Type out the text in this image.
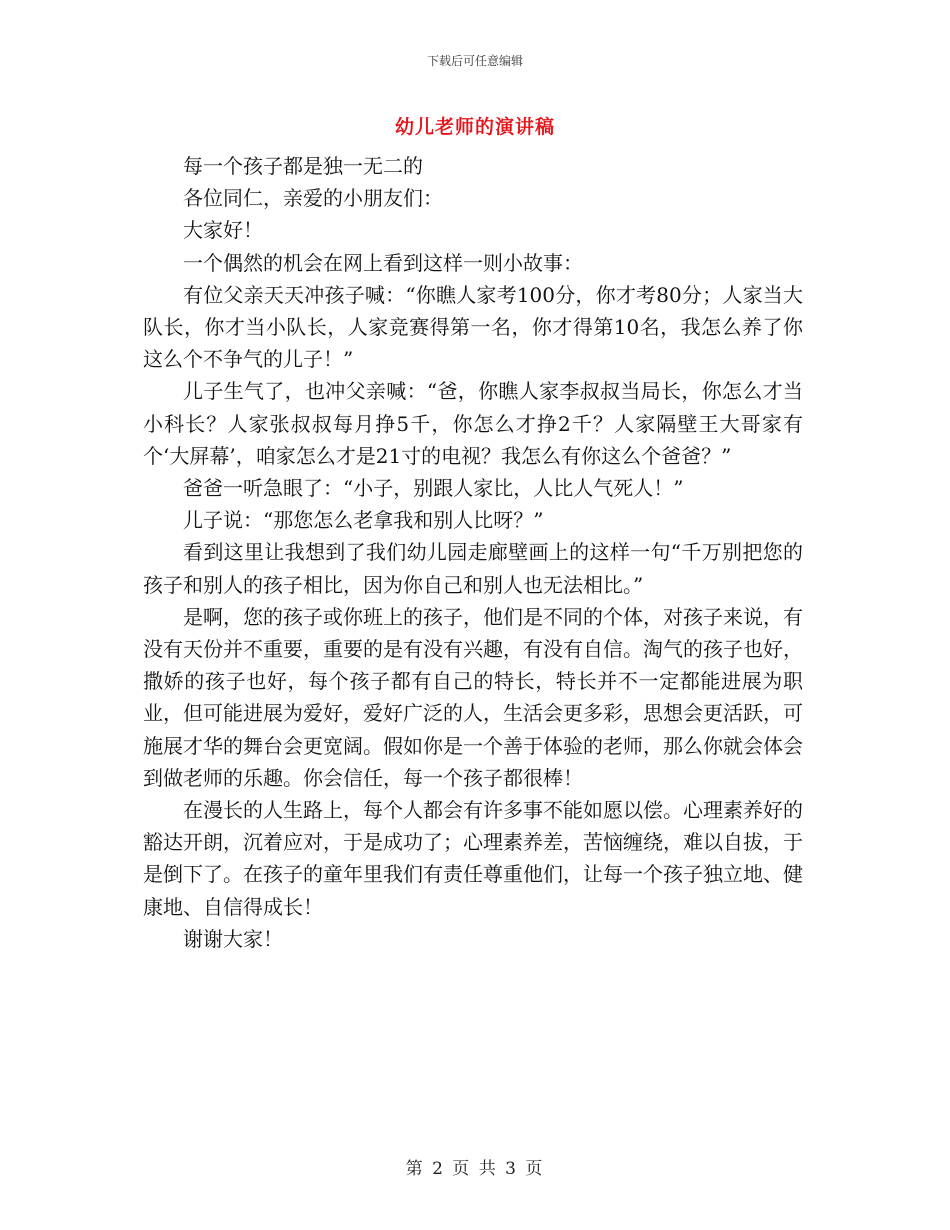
下载后可任意编辑
幼儿老师的演讲稿

每一个孩子都是独一无二的

各位同仁，亲爱的小朋友们：

大家好！

一个偶然的机会在网上看到这样一则小故事：

有位父亲天天冲孩子喊：“你瞧人家考100分，你才考80分；人家当大队长，你才当小队长，人家竞赛得第一名，你才得第10名，我怎么养了你这么个不争气的儿子！”

儿子生气了，也冲父亲喊：“爸，你瞧人家李叔叔当局长，你怎么才当小科长？人家张叔叔每月挣5千，你怎么才挣2千？人家隔壁王大哥家有个‘大屏幕’，咱家怎么才是21寸的电视？我怎么有你这么个爸爸？”

爸爸一听急眼了：“小子，别跟人家比，人比人气死人！”

儿子说：“那您怎么老拿我和别人比呀？”

看到这里让我想到了我们幼儿园走廊壁画上的这样一句“千万别把您的孩子和别人的孩子相比，因为你自己和别人也无法相比。”

是啊，您的孩子或你班上的孩子，他们是不同的个体，对孩子来说，有没有天份并不重要，重要的是有没有兴趣，有没有自信。淘气的孩子也好，撒娇的孩子也好，每个孩子都有自己的特长，特长并不一定都能进展为职业，但可能进展为爱好，爱好广泛的人，生活会更多彩，思想会更活跃，可施展才华的舞台会更宽阔。假如你是一个善于体验的老师，那么你就会体会到做老师的乐趣。你会信任，每一个孩子都很棒！

在漫长的人生路上，每个人都会有许多事不能如愿以偿。心理素养好的豁达开朗，沉着应对，于是成功了；心理素养差，苦恼缠绕，难以自拔，于是倒下了。在孩子的童年里我们有责任尊重他们，让每一个孩子独立地、健康地、自信得成长！

谢谢大家！

第 2 页 共 3 页
